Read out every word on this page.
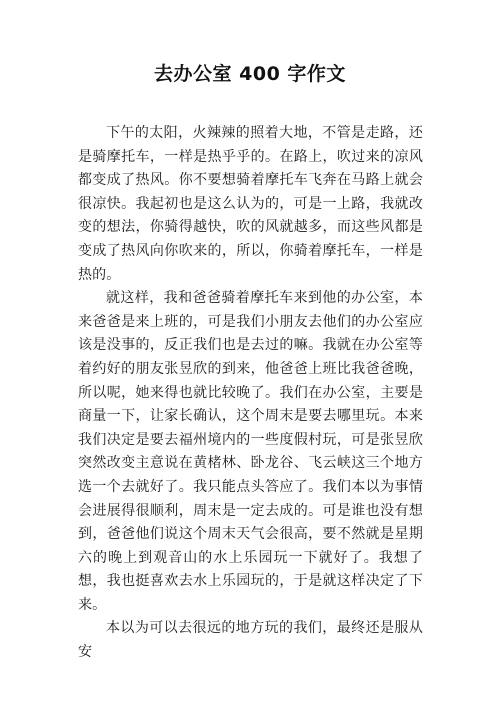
去办公室 400 字作文

下午的太阳，火辣辣的照着大地，不管是走路，还是骑摩托车，一样是热乎乎的。在路上，吹过来的凉风都变成了热风。你不要想骑着摩托车飞奔在马路上就会很凉快。我起初也是这么认为的，可是一上路，我就改变的想法，你骑得越快，吹的风就越多，而这些风都是变成了热风向你吹来的，所以，你骑着摩托车，一样是热的。

就这样，我和爸爸骑着摩托车来到他的办公室，本来爸爸是来上班的，可是我们小朋友去他们的办公室应该是没事的，反正我们也是去过的嘛。我就在办公室等着约好的朋友张昱欣的到来，他爸爸上班比我爸爸晚，所以呢，她来得也就比较晚了。我们在办公室，主要是商量一下，让家长确认，这个周末是要去哪里玩。本来我们决定是要去福州境内的一些度假村玩，可是张昱欣突然改变主意说在黄楮林、卧龙谷、飞云峡这三个地方选一个去就好了。我只能点头答应了。我们本以为事情会进展得很顺利，周末是一定去成的。可是谁也没有想到，爸爸他们说这个周末天气会很高，要不然就是星期六的晚上到观音山的水上乐园玩一下就好了。我想了想，我也挺喜欢去水上乐园玩的，于是就这样决定了下来。

本以为可以去很远的地方玩的我们，最终还是服从安
